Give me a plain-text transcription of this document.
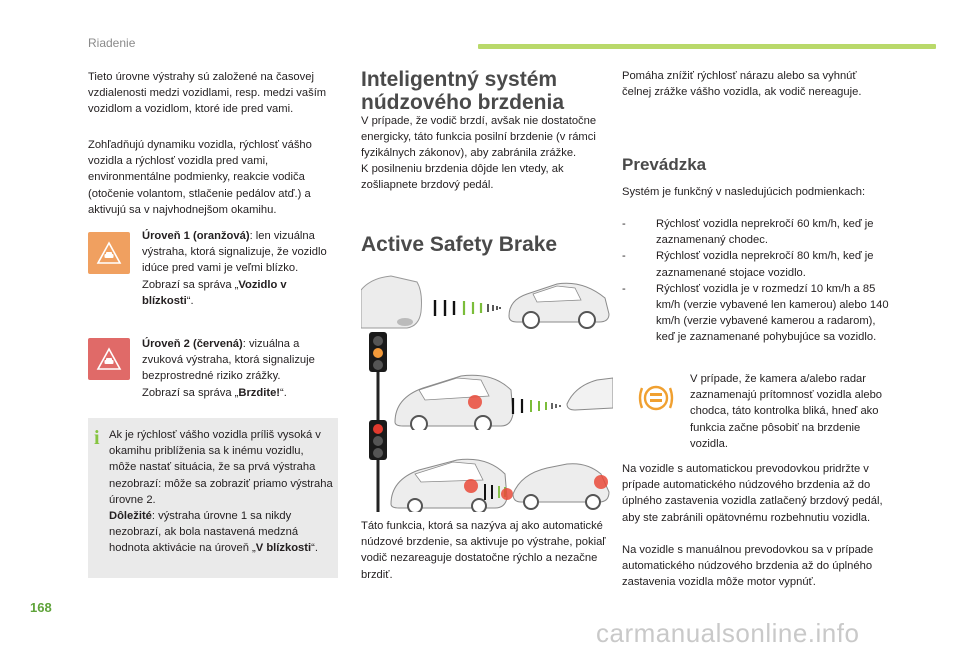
Riadenie
Tieto úrovne výstrahy sú založené na časovej vzdialenosti medzi vozidlami, resp. medzi vaším vozidlom a vozidlom, ktoré ide pred vami.
Zohľadňujú dynamiku vozidla, rýchlosť vášho vozidla a rýchlosť vozidla pred vami, environmentálne podmienky, reakcie vodiča (otočenie volantom, stlačenie pedálov atď.) a aktivujú sa v najvhodnejšom okamihu.
Úroveň 1 (oranžová): len vizuálna výstraha, ktorá signalizuje, že vozidlo idúce pred vami je veľmi blízko.
Zobrazí sa správa „Vozidlo v blízkosti“.
Úroveň 2 (červená): vizuálna a zvuková výstraha, ktorá signalizuje bezprostredné riziko zrážky.
Zobrazí sa správa „Brzdite!“.
i Ak je rýchlosť vášho vozidla príliš vysoká v okamihu priblíženia sa k inému vozidlu, môže nastať situácia, že sa prvá výstraha nezobrazí: môže sa zobraziť priamo výstraha úrovne 2.
Dôležité: výstraha úrovne 1 sa nikdy nezobrazí, ak bola nastavená medzná hodnota aktivácie na úroveň „V blízkosti“.
Inteligentný systém
núdzového brzdenia
V prípade, že vodič brzdí, avšak nie dostatočne energicky, táto funkcia posilní brzdenie (v rámci fyzikálnych zákonov), aby zabránila zrážke.
K posilneniu brzdenia dôjde len vtedy, ak zošliapnete brzdový pedál.
Active Safety Brake
Táto funkcia, ktorá sa nazýva aj ako automatické núdzové brzdenie, sa aktivuje po výstrahe, pokiaľ vodič nezareaguje dostatočne rýchlo a nezačne brzdiť.
Pomáha znížiť rýchlosť nárazu alebo sa vyhnúť čelnej zrážke vášho vozidla, ak vodič nereaguje.
Prevádzka
Systém je funkčný v nasledujúcich podmienkach:
- Rýchlosť vozidla neprekročí 60 km/h, keď je zaznamenaný chodec.
- Rýchlosť vozidla neprekročí 80 km/h, keď je zaznamenané stojace vozidlo.
- Rýchlosť vozidla je v rozmedzí 10 km/h a 85 km/h (verzie vybavené len kamerou) alebo 140 km/h (verzie vybavené kamerou a radarom), keď je zaznamenané pohybujúce sa vozidlo.
V prípade, že kamera a/alebo radar zaznamenajú prítomnosť vozidla alebo chodca, táto kontrolka bliká, hneď ako funkcia začne pôsobiť na brzdenie vozidla.
Na vozidle s automatickou prevodovkou pridržte v prípade automatického núdzového brzdenia až do úplného zastavenia vozidla zatlačený brzdový pedál, aby ste zabránili opätovnému rozbehnutiu vozidla.
Na vozidle s manuálnou prevodovkou sa v prípade automatického núdzového brzdenia až do úplného zastavenia vozidla môže motor vypnúť.
168
carmanualsonline.info
